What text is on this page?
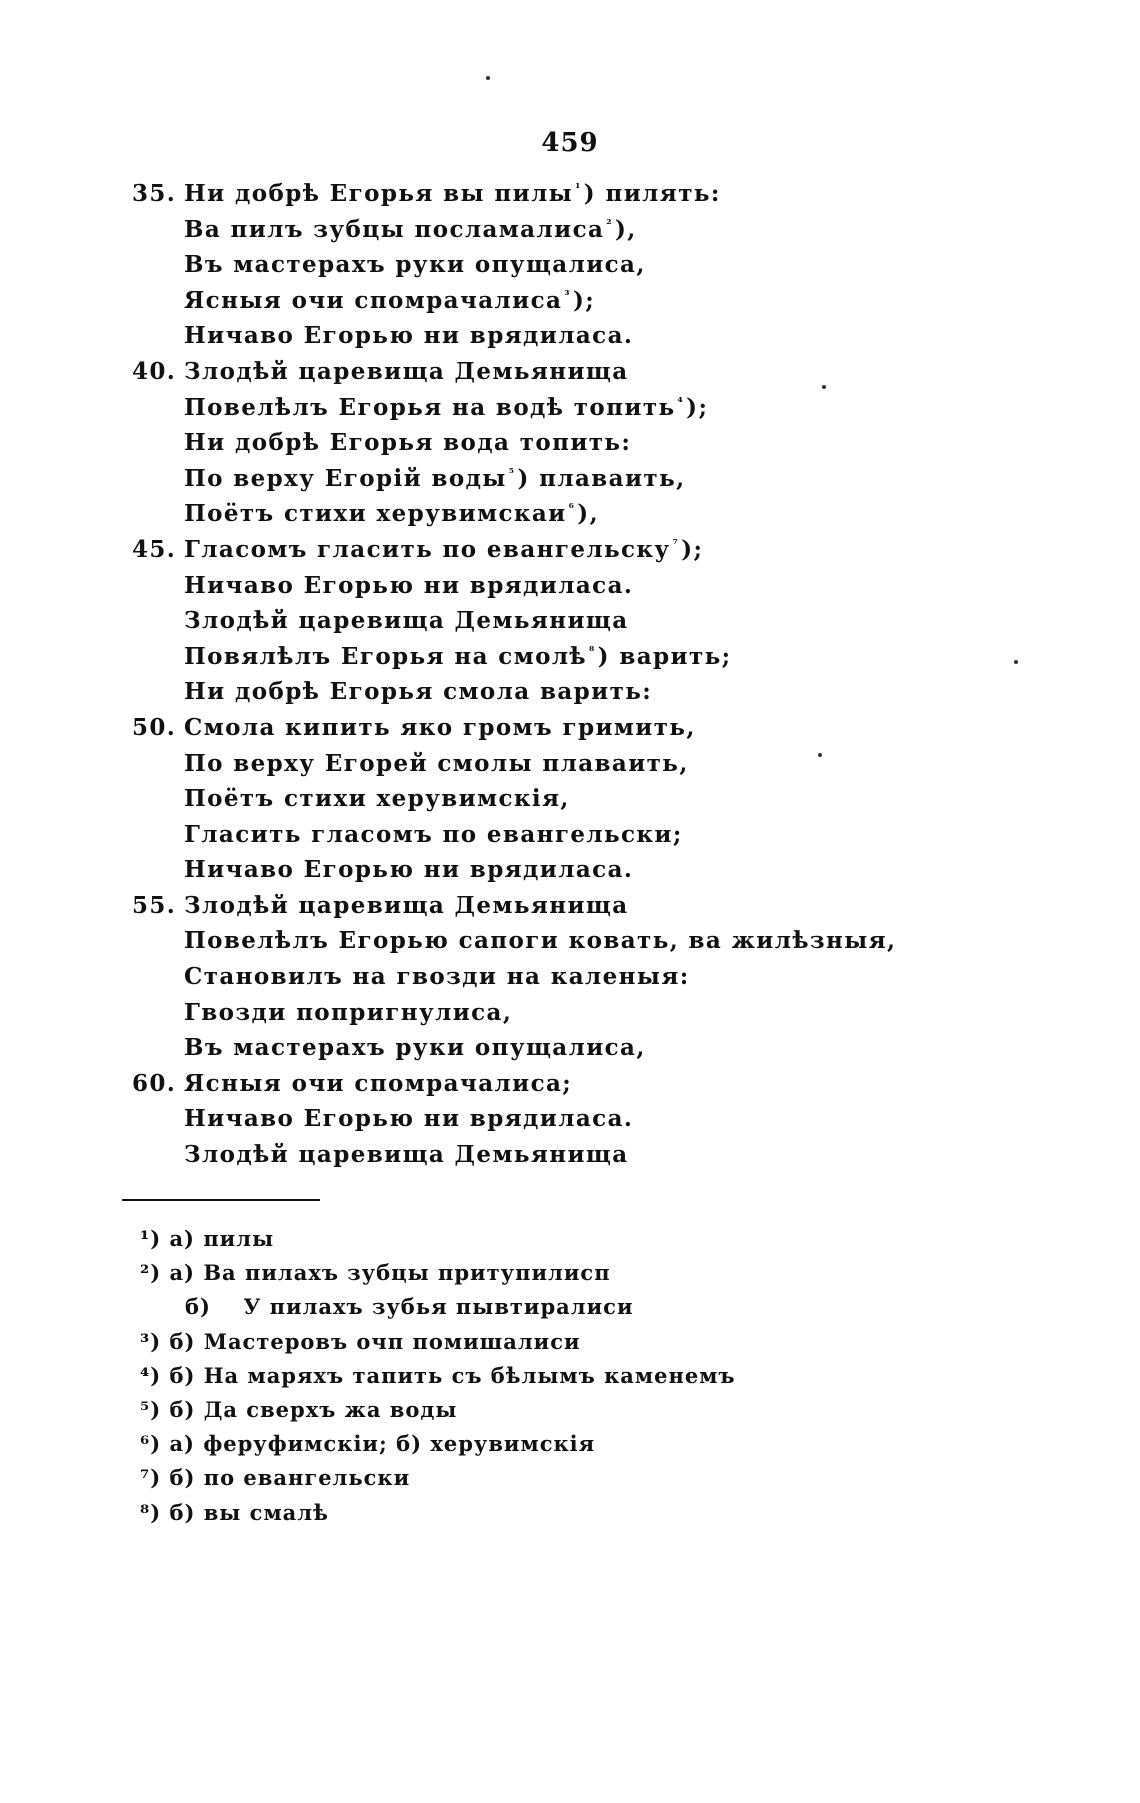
459
35. Ни добрѣ Егорья вы пилы $^{^1}$) пилять:
Ва пилъ зубцы посламалиса $^{^2}$),
Въ мастерахъ руки опущалиса,
Ясныя очи спомрачалиса $^{^3}$);
Ничаво Егорью ни врядиласа.
40. Злодѣй царевища Демьянища
Повелѣлъ Егорья на водѣ топить $^{^4}$);
Ни добрѣ Егорья вода топить:
По верху Егорій воды $^{^5}$) плаваить,
Поётъ стихи херувимскаи $^{^6}$),
45. Гласомъ гласить по евангельску $^{^7}$);
Ничаво Егорью ни врядиласа.
Злодѣй царевища Демьянища
Повялѣлъ Егорья на смолѣ $^{^8}$) варить;
Ни добрѣ Егорья смола варить:
50. Смола кипить яко громъ гримить,
По верху Егорей смолы плаваить,
Поётъ стихи херувимскія,
Гласить гласомъ по евангельски;
Ничаво Егорью ни врядиласа.
55. Злодѣй царевища Демьянища
Повелѣлъ Егорью сапоги ковать, ва жилѣзныя,
Становилъ на гвозди на каленыя:
Гвозди попригнулиса,
Въ мастерахъ руки опущалиса,
60. Ясныя очи спомрачалиса;
Ничаво Егорью ни врядиласа.
Злодѣй царевища Демьянища
¹) а) пилы
²) а) Ва пилахъ зубцы притупилисп
б) У пилахъ зубья пывтиралиси
³) б) Мастеровъ очп помишалиси
⁴) б) На маряхъ тапить съ бѣлымъ каменемъ
⁵) б) Да сверхъ жа воды
⁶) а) феруфимскіи; б) херувимскія
⁷) б) по евангельски
⁸) б) вы смалѣ
